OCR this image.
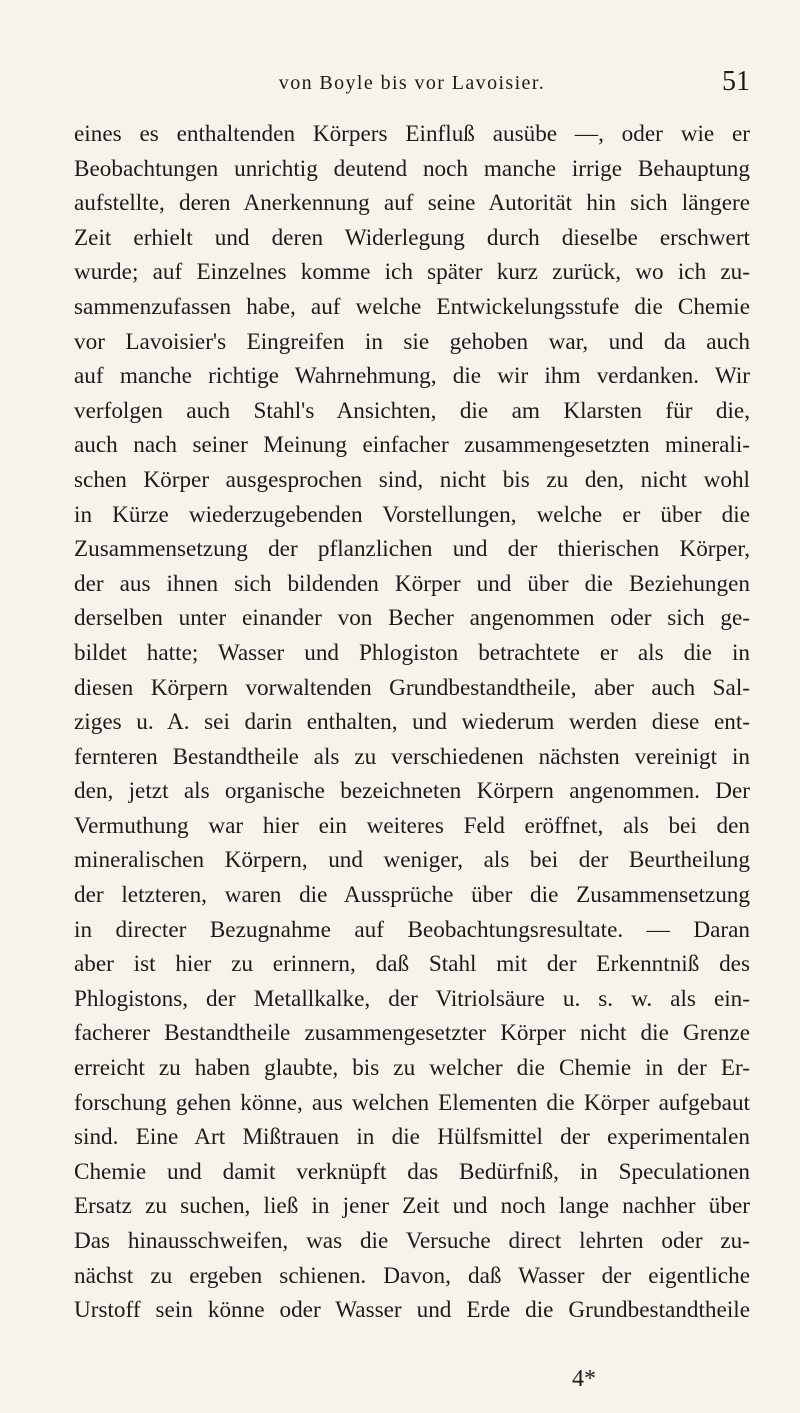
von Boyle bis vor Lavoisier.	51
eines es enthaltenden Körpers Einfluß ausübe —, oder wie er
Beobachtungen unrichtig deutend noch manche irrige Behauptung
aufstellte, deren Anerkennung auf seine Autorität hin sich längere
Zeit erhielt und deren Widerlegung durch dieselbe erschwert
wurde; auf Einzelnes komme ich später kurz zurück, wo ich zu-
sammenzufassen habe, auf welche Entwickelungsstufe die Chemie
vor Lavoisier's Eingreifen in sie gehoben war, und da auch
auf manche richtige Wahrnehmung, die wir ihm verdanken. Wir
verfolgen auch Stahl's Ansichten, die am Klarsten für die,
auch nach seiner Meinung einfacher zusammengesetzten minerali-
schen Körper ausgesprochen sind, nicht bis zu den, nicht wohl
in Kürze wiederzugebenden Vorstellungen, welche er über die
Zusammensetzung der pflanzlichen und der thierischen Körper,
der aus ihnen sich bildenden Körper und über die Beziehungen
derselben unter einander von Becher angenommen oder sich ge-
bildet hatte; Wasser und Phlogiston betrachtete er als die in
diesen Körpern vorwaltenden Grundbestandtheile, aber auch Sal-
ziges u. A. sei darin enthalten, und wiederum werden diese ent-
fernteren Bestandtheile als zu verschiedenen nächsten vereinigt in
den, jetzt als organische bezeichneten Körpern angenommen. Der
Vermuthung war hier ein weiteres Feld eröffnet, als bei den
mineralischen Körpern, und weniger, als bei der Beurtheilung
der letzteren, waren die Aussprüche über die Zusammensetzung
in directer Bezugnahme auf Beobachtungsresultate. — Daran
aber ist hier zu erinnern, daß Stahl mit der Erkenntniß des
Phlogistons, der Metallkalke, der Vitriolsäure u. s. w. als ein-
facherer Bestandtheile zusammengesetzter Körper nicht die Grenze
erreicht zu haben glaubte, bis zu welcher die Chemie in der Er-
forschung gehen könne, aus welchen Elementen die Körper aufgebaut
sind. Eine Art Mißtrauen in die Hülfsmittel der experimentalen
Chemie und damit verknüpft das Bedürfniß, in Speculationen
Ersatz zu suchen, ließ in jener Zeit und noch lange nachher über
Das hinausschweifen, was die Versuche direct lehrten oder zu-
nächst zu ergeben schienen. Davon, daß Wasser der eigentliche
Urstoff sein könne oder Wasser und Erde die Grundbestandtheile
4*
